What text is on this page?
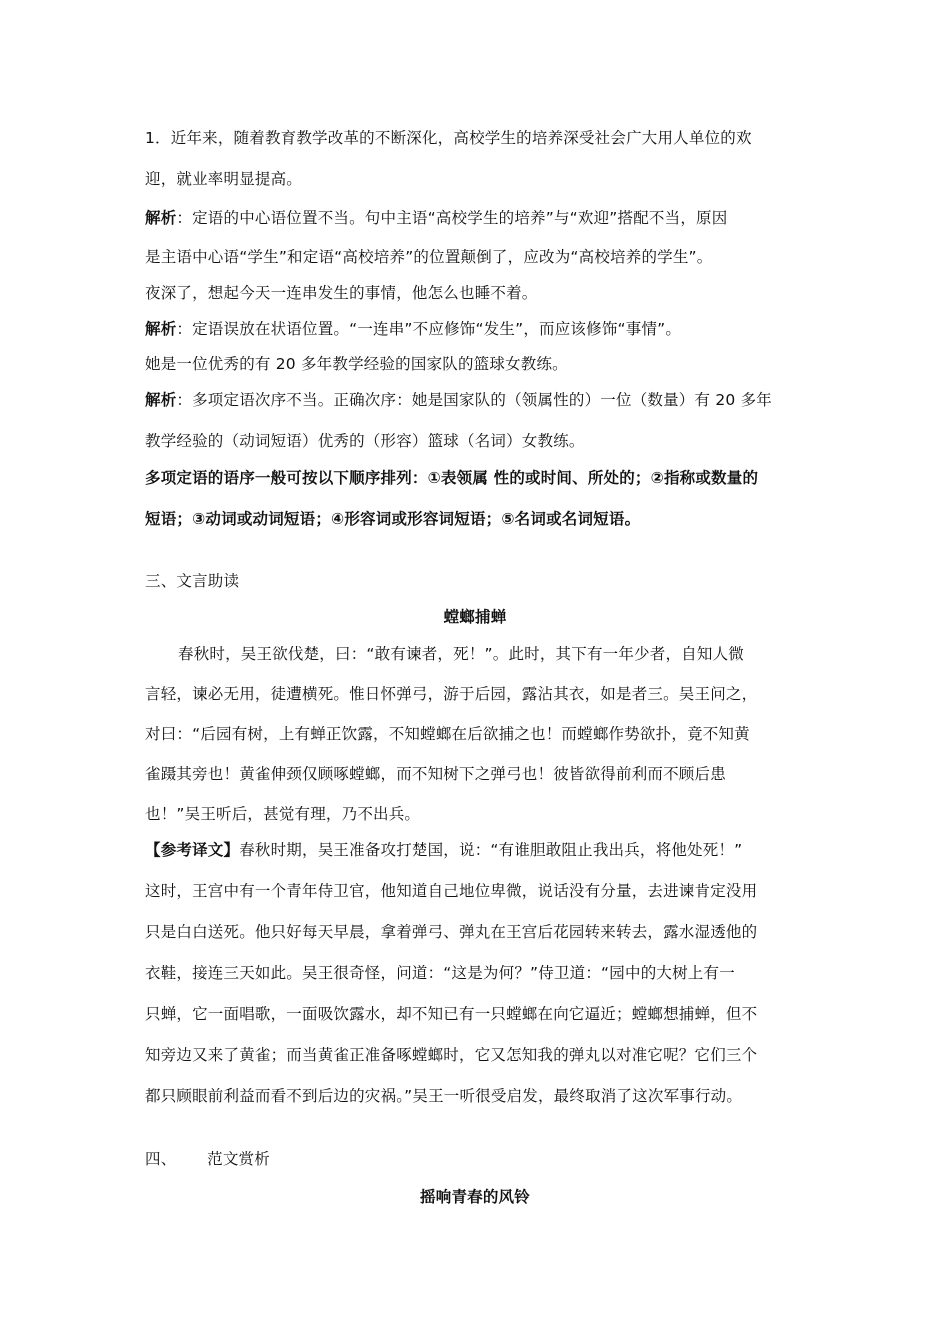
1．近年来，随着教育教学改革的不断深化，高校学生的培养深受社会广大用人单位的欢
迎，就业率明显提高。
解析：定语的中心语位置不当。句中主语“高校学生的培养”与“欢迎”搭配不当，原因
是主语中心语“学生”和定语“高校培养”的位置颠倒了，应改为“高校培养的学生”。
夜深了，想起今天一连串发生的事情，他怎么也睡不着。
解析：定语误放在状语位置。“一连串”不应修饰“发生”，而应该修饰“事情”。
她是一位优秀的有 20 多年教学经验的国家队的篮球女教练。
解析：多项定语次序不当。正确次序：她是国家队的（领属性的）一位（数量）有 20 多年
教学经验的（动词短语）优秀的（形容）篮球（名词）女教练。
多项定语的语序一般可按以下顺序排列：①表领属 性的或时间、所处的；②指称或数量的
短语；③动词或动词短语；④形容词或形容词短语；⑤名词或名词短语。
三、文言助读
螳螂捕蝉
春秋时，吴王欲伐楚，曰：“敢有谏者，死！”。此时，其下有一年少者，自知人微
言轻，谏必无用，徒遭横死。惟日怀弹弓，游于后园，露沾其衣，如是者三。吴王问之，
对曰：“后园有树，上有蝉正饮露，不知螳螂在后欲捕之也！而螳螂作势欲扑，竟不知黄
雀蹑其旁也！黄雀伸颈仅顾啄螳螂，而不知树下之弹弓也！彼皆欲得前利而不顾后患
也！”吴王听后，甚觉有理，乃不出兵。
【参考译文】春秋时期，吴王准备攻打楚国，说：“有谁胆敢阻止我出兵，将他处死！”
这时，王宫中有一个青年侍卫官，他知道自己地位卑微，说话没有分量，去进谏肯定没用
只是白白送死。他只好每天早晨，拿着弹弓、弹丸在王宫后花园转来转去，露水湿透他的
衣鞋，接连三天如此。吴王很奇怪，问道：“这是为何？”侍卫道：“园中的大树上有一
只蝉，它一面唱歌，一面吸饮露水，却不知已有一只螳螂在向它逼近；螳螂想捕蝉，但不
知旁边又来了黄雀；而当黄雀正准备啄螳螂时，它又怎知我的弹丸以对准它呢？它们三个
都只顾眼前利益而看不到后边的灾祸。”吴王一听很受启发，最终取消了这次军事行动。
四、      范文赏析
摇响青春的风铃
